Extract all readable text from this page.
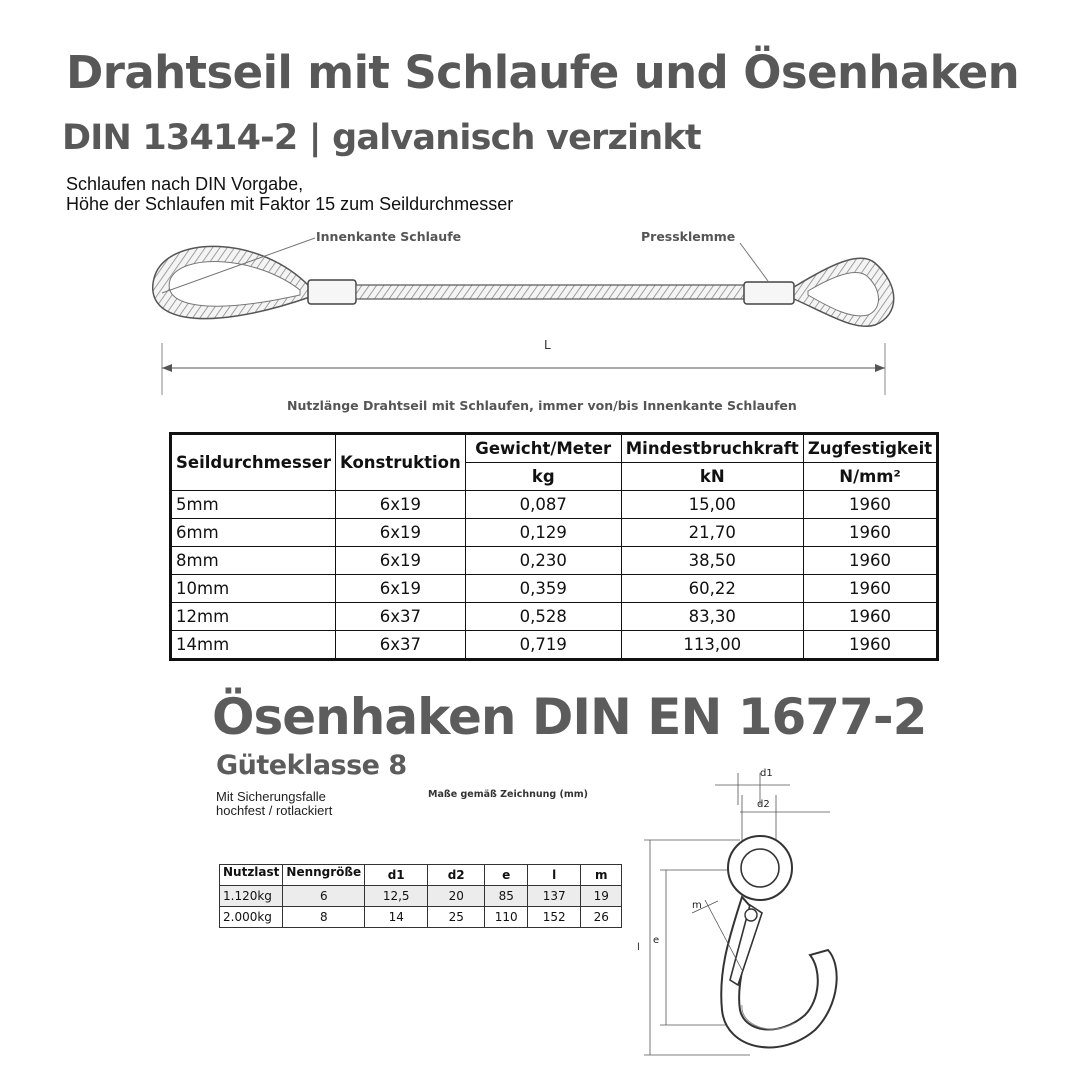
Drahtseil mit Schlaufe und Ösenhaken
DIN 13414-2 | galvanisch verzinkt
Schlaufen nach DIN Vorgabe,
Höhe der Schlaufen mit Faktor 15 zum Seildurchmesser
Innenkante Schlaufe	Pressklemme
L
Nutzlänge Drahtseil mit Schlaufen, immer von/bis Innenkante Schlaufen
Seildurchmesser	Konstruktion	Gewicht/Meter	Mindestbruchkraft	Zugfestigkeit
		kg	kN	N/mm²
5mm	6x19	0,087	15,00	1960
6mm	6x19	0,129	21,70	1960
8mm	6x19	0,230	38,50	1960
10mm	6x19	0,359	60,22	1960
12mm	6x37	0,528	83,30	1960
14mm	6x37	0,719	113,00	1960
Ösenhaken DIN EN 1677-2
Güteklasse 8
Mit Sicherungsfalle
hochfest / rotlackiert
Maße gemäß Zeichnung (mm)
Nutzlast	Nenngröße	d1	d2	e	l	m
1.120kg	6	12,5	20	85	137	19
2.000kg	8	14	25	110	152	26
d1
d2
e
l
m
